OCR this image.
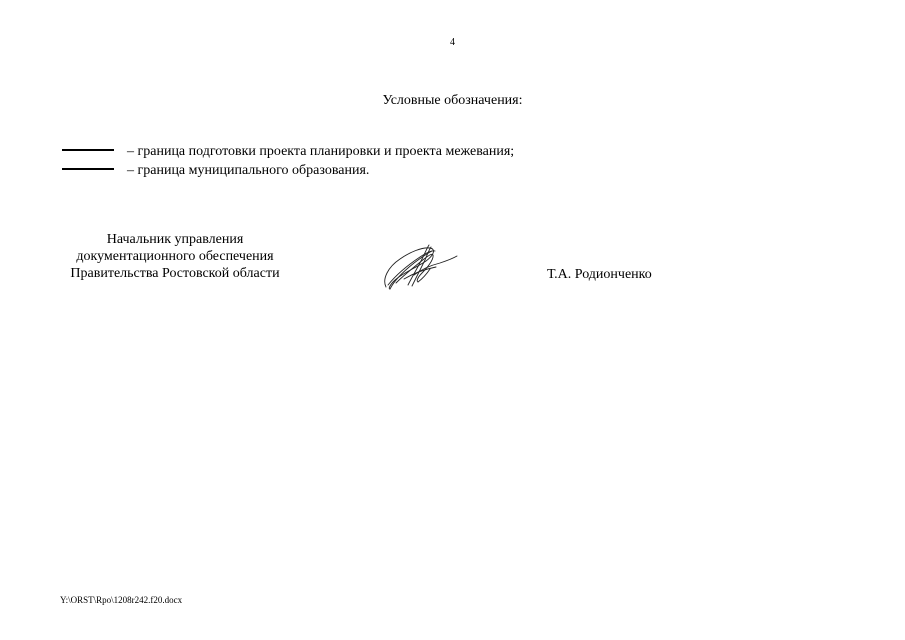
4
Условные обозначения:
– граница подготовки проекта планировки и проекта межевания;
– граница муниципального образования.
Начальник управления
документационного обеспечения
Правительства Ростовской области	Т.А. Родионченко
Y:\ORST\Rpo\1208r242.f20.docx
